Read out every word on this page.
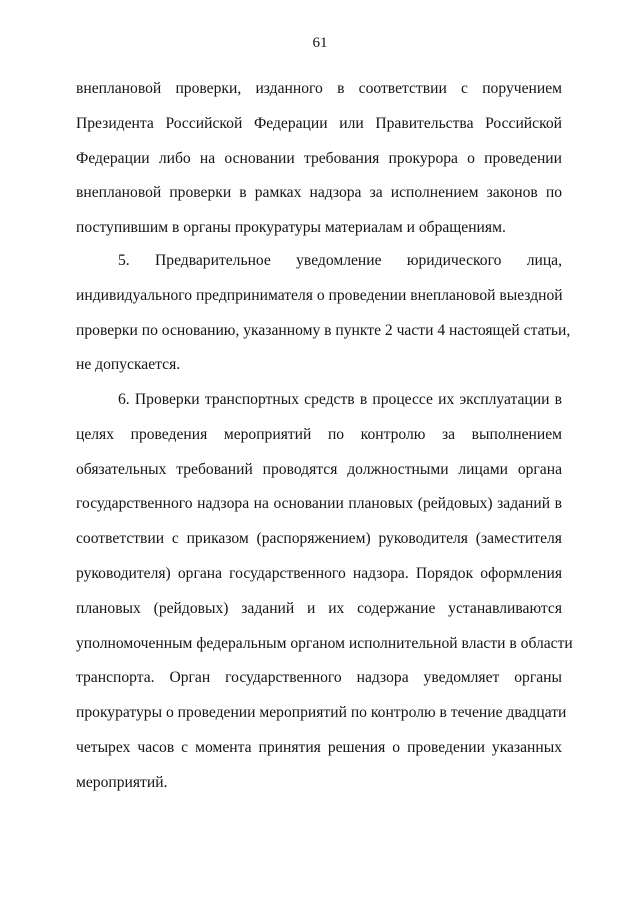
61
внеплановой проверки, изданного в соответствии с поручением
Президента Российской Федерации или Правительства Российской
Федерации либо на основании требования прокурора о проведении
внеплановой проверки в рамках надзора за исполнением законов по
поступившим в органы прокуратуры материалам и обращениям.
5. Предварительное уведомление юридического лица,
индивидуального предпринимателя о проведении внеплановой выездной
проверки по основанию, указанному в пункте 2 части 4 настоящей статьи,
не допускается.
6. Проверки транспортных средств в процессе их эксплуатации в
целях проведения мероприятий по контролю за выполнением
обязательных требований проводятся должностными лицами органа
государственного надзора на основании плановых (рейдовых) заданий в
соответствии с приказом (распоряжением) руководителя (заместителя
руководителя) органа государственного надзора. Порядок оформления
плановых (рейдовых) заданий и их содержание устанавливаются
уполномоченным федеральным органом исполнительной власти в области
транспорта. Орган государственного надзора уведомляет органы
прокуратуры о проведении мероприятий по контролю в течение двадцати
четырех часов с момента принятия решения о проведении указанных
мероприятий.
